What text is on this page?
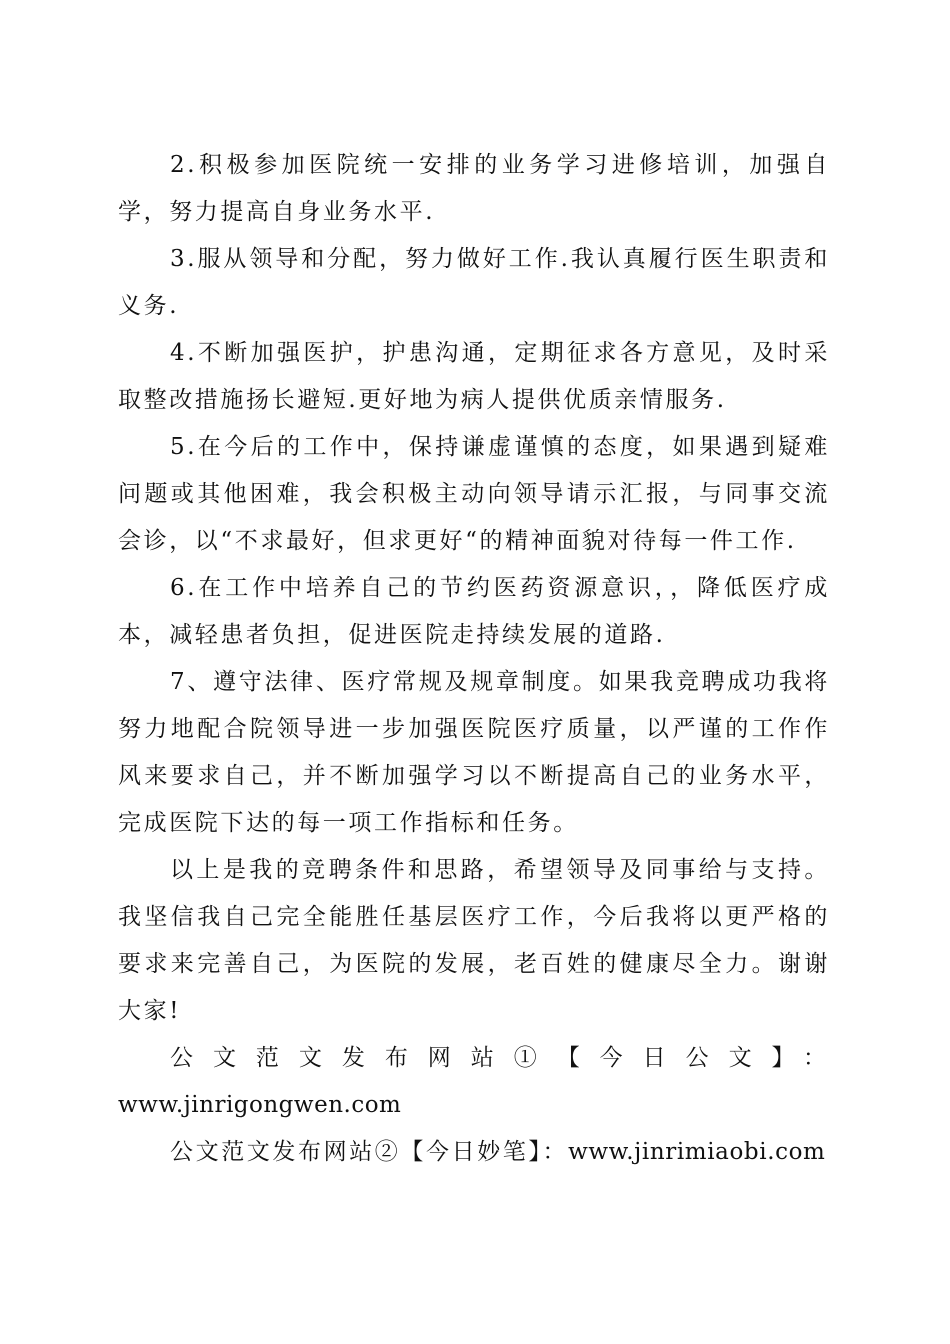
2.积极参加医院统一安排的业务学习进修培训，加强自学，努力提高自身业务水平.

3.服从领导和分配，努力做好工作.我认真履行医生职责和义务.

4.不断加强医护，护患沟通，定期征求各方意见，及时采取整改措施扬长避短.更好地为病人提供优质亲情服务.

5.在今后的工作中，保持谦虚谨慎的态度，如果遇到疑难问题或其他困难，我会积极主动向领导请示汇报，与同事交流会诊，以“不求最好，但求更好“的精神面貌对待每一件工作.

6.在工作中培养自己的节约医药资源意识，，降低医疗成本，减轻患者负担，促进医院走持续发展的道路.

7、遵守法律、医疗常规及规章制度。如果我竞聘成功我将努力地配合院领导进一步加强医院医疗质量，以严谨的工作作风来要求自己，并不断加强学习以不断提高自己的业务水平，完成医院下达的每一项工作指标和任务。

以上是我的竞聘条件和思路，希望领导及同事给与支持。我坚信我自己完全能胜任基层医疗工作，今后我将以更严格的要求来完善自己，为医院的发展，老百姓的健康尽全力。谢谢大家!

公文范文发布网站①【今日公文】：
www.jinrigongwen.com

公文范文发布网站②【今日妙笔】：www.jinrimiaobi.com
